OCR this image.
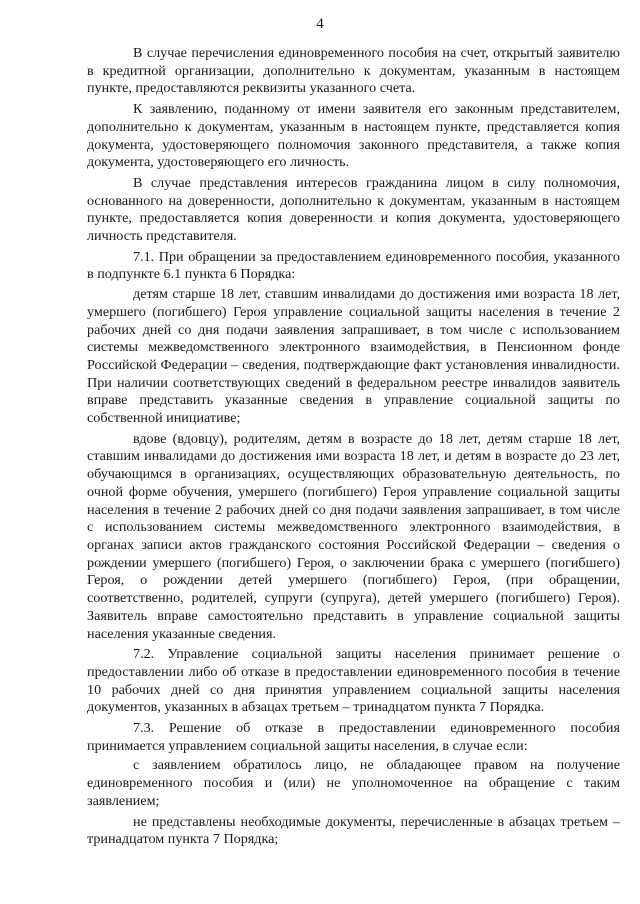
4

В случае перечисления единовременного пособия на счет, открытый заявителю в кредитной организации, дополнительно к документам, указанным в настоящем пункте, предоставляются реквизиты указанного счета.

К заявлению, поданному от имени заявителя его законным представителем, дополнительно к документам, указанным в настоящем пункте, представляется копия документа, удостоверяющего полномочия законного представителя, а также копия документа, удостоверяющего его личность.

В случае представления интересов гражданина лицом в силу полномочия, основанного на доверенности, дополнительно к документам, указанным в настоящем пункте, предоставляется копия доверенности и копия документа, удостоверяющего личность представителя.

7.1. При обращении за предоставлением единовременного пособия, указанного в подпункте 6.1 пункта 6 Порядка:

детям старше 18 лет, ставшим инвалидами до достижения ими возраста 18 лет, умершего (погибшего) Героя управление социальной защиты населения в течение 2 рабочих дней со дня подачи заявления запрашивает, в том числе с использованием системы межведомственного электронного взаимодействия, в Пенсионном фонде Российской Федерации – сведения, подтверждающие факт установления инвалидности. При наличии соответствующих сведений в федеральном реестре инвалидов заявитель вправе представить указанные сведения в управление социальной защиты по собственной инициативе;

вдове (вдовцу), родителям, детям в возрасте до 18 лет, детям старше 18 лет, ставшим инвалидами до достижения ими возраста 18 лет, и детям в возрасте до 23 лет, обучающимся в организациях, осуществляющих образовательную деятельность, по очной форме обучения, умершего (погибшего) Героя управление социальной защиты населения в течение 2 рабочих дней со дня подачи заявления запрашивает, в том числе с использованием системы межведомственного электронного взаимодействия, в органах записи актов гражданского состояния Российской Федерации – сведения о рождении умершего (погибшего) Героя, о заключении брака с умершего (погибшего) Героя, о рождении детей умершего (погибшего) Героя, (при обращении, соответственно, родителей, супруги (супруга), детей умершего (погибшего) Героя). Заявитель вправе самостоятельно представить в управление социальной защиты населения указанные сведения.

7.2. Управление социальной защиты населения принимает решение о предоставлении либо об отказе в предоставлении единовременного пособия в течение 10 рабочих дней со дня принятия управлением социальной защиты населения документов, указанных в абзацах третьем – тринадцатом пункта 7 Порядка.

7.3. Решение об отказе в предоставлении единовременного пособия принимается управлением социальной защиты населения, в случае если:

с заявлением обратилось лицо, не обладающее правом на получение единовременного пособия и (или) не уполномоченное на обращение с таким заявлением;

не представлены необходимые документы, перечисленные в абзацах третьем – тринадцатом пункта 7 Порядка;
